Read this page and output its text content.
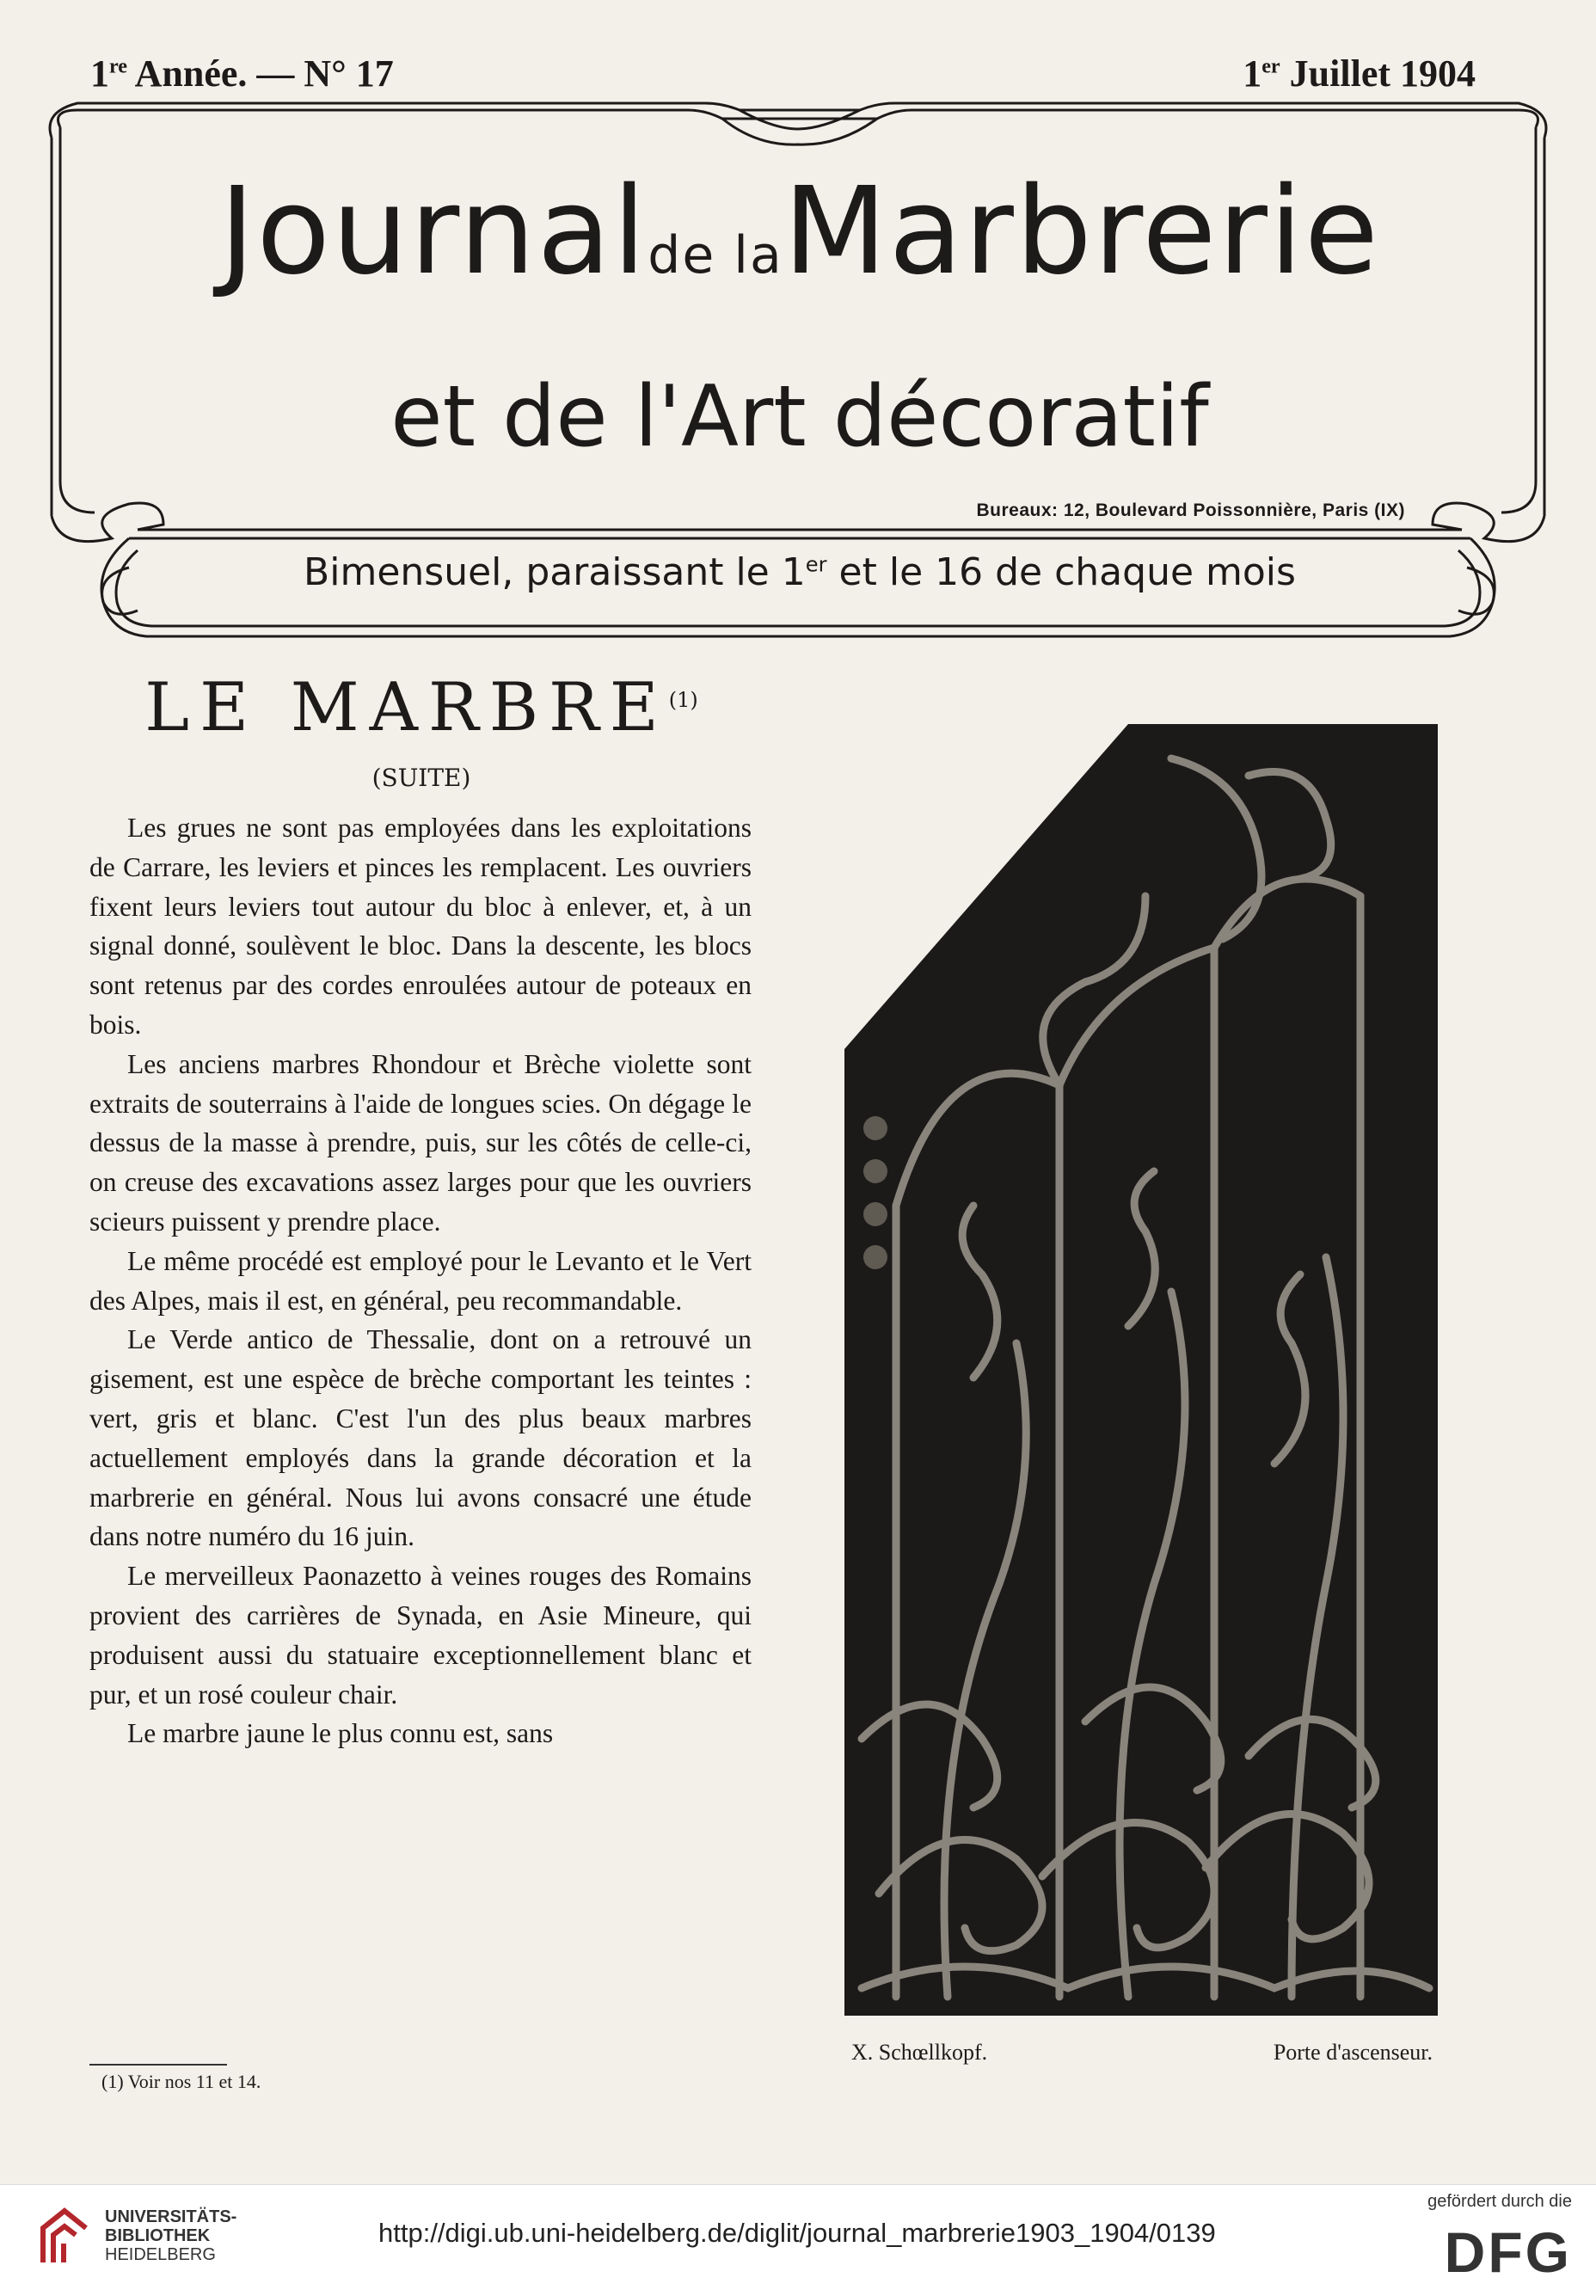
1re Année. — N° 17	1er Juillet 1904
Journalde laMarbrerie
et de l'Art décoratif
Bureaux: 12, Boulevard Poissonnière, Paris (IX)
Bimensuel, paraissant le 1er et le 16 de chaque mois
LE MARBRE$^{(1)}$
(SUITE)

Les grues ne sont pas employées dans les exploitations de Carrare, les leviers et pinces les remplacent. Les ouvriers fixent leurs leviers tout autour du bloc à enlever, et, à un signal donné, soulèvent le bloc. Dans la descente, les blocs sont retenus par des cordes enroulées autour de poteaux en bois.

Les anciens marbres Rhondour et Brèche violette sont extraits de souterrains à l'aide de longues scies. On dégage le dessus de la masse à prendre, puis, sur les côtés de celle-ci, on creuse des excavations assez larges pour que les ouvriers scieurs puissent y prendre place.

Le même procédé est employé pour le Levanto et le Vert des Alpes, mais il est, en général, peu recommandable.

Le Verde antico de Thessalie, dont on a retrouvé un gisement, est une espèce de brèche comportant les teintes : vert, gris et blanc. C'est l'un des plus beaux marbres actuellement employés dans la grande décoration et la marbrerie en général. Nous lui avons consacré une étude dans notre numéro du 16 juin.

Le merveilleux Paonazetto à veines rouges des Romains provient des carrières de Synada, en Asie Mineure, qui produisent aussi du statuaire exceptionnellement blanc et pur, et un rosé couleur chair.

Le marbre jaune le plus connu est, sans

(1) Voir nos 11 et 14.
X. Schœllkopf.	Porte d'ascenseur.
UNIVERSITÄTS-
BIBLIOTHEK
HEIDELBERG
http://digi.ub.uni-heidelberg.de/diglit/journal_marbrerie1903_1904/0139
gefördert durch die
DFG
